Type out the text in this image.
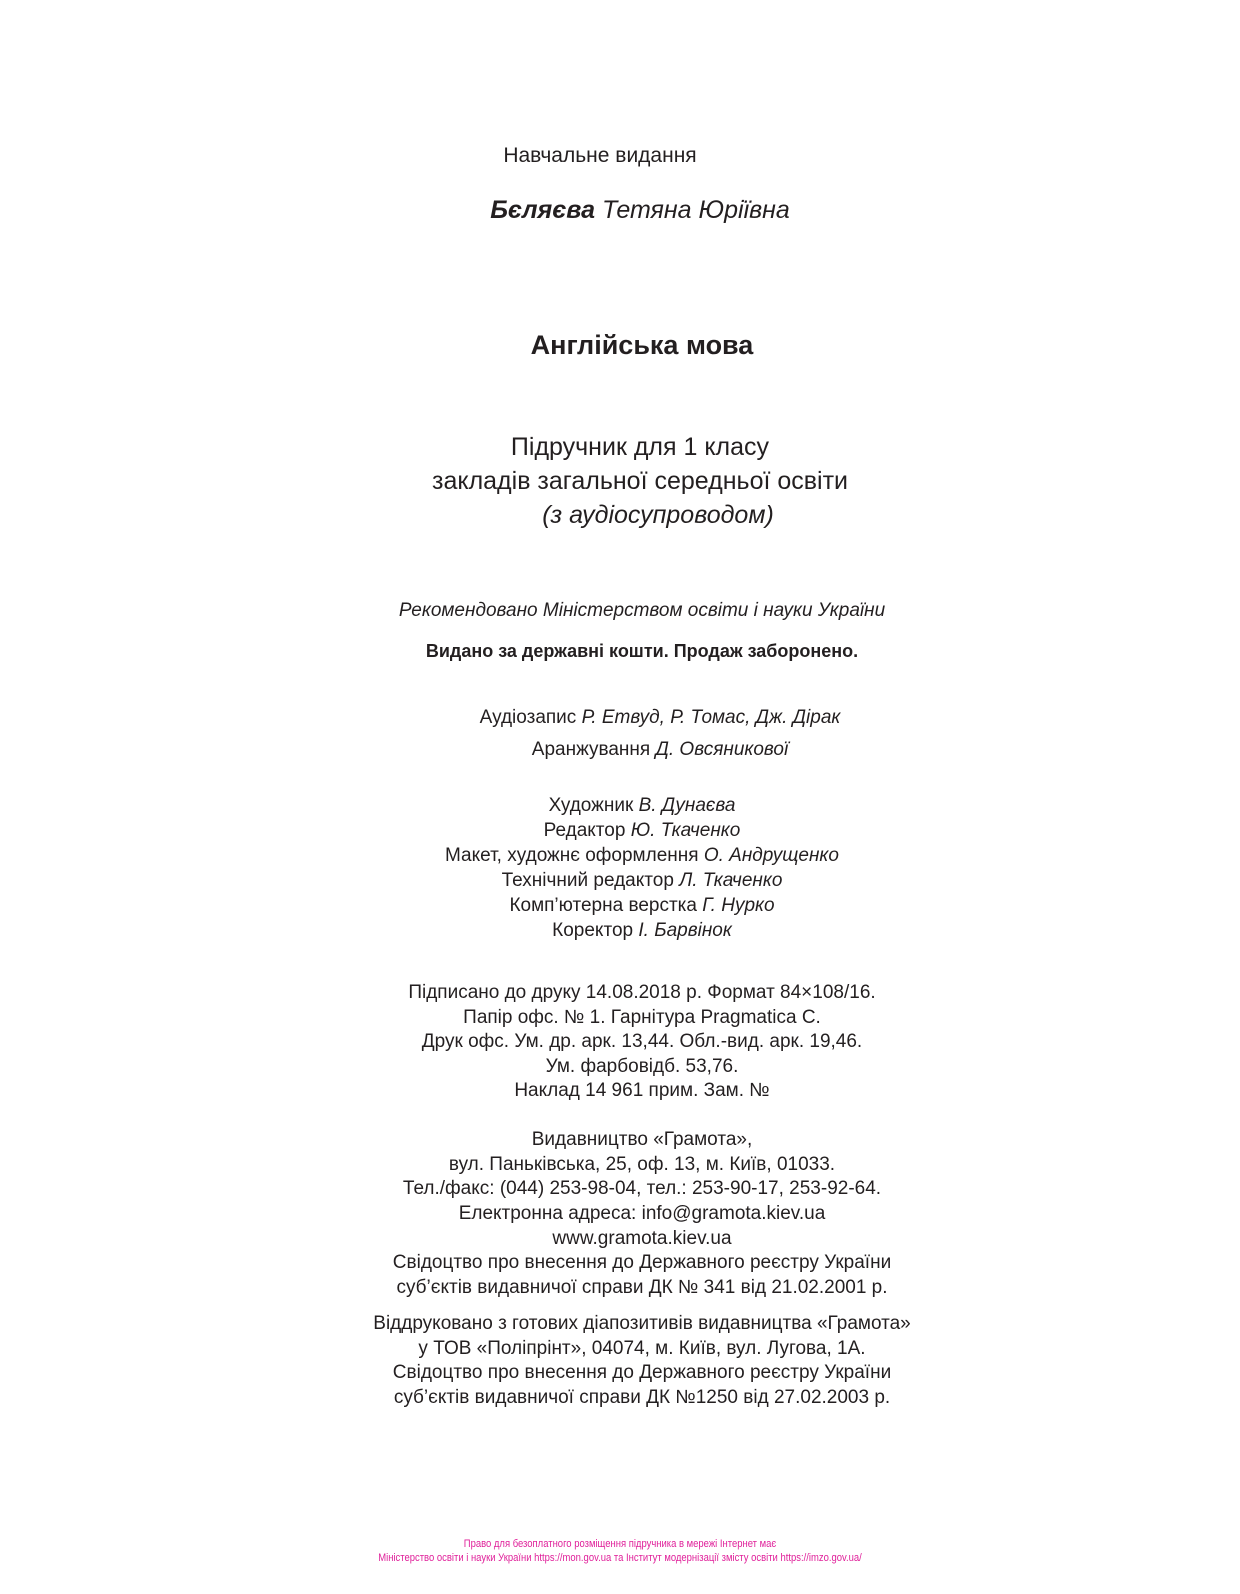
Навчальне видання
Бєляєва Тетяна Юріївна
Англійська мова
Підручник для 1 класу
закладів загальної середньої освіти
(з аудіосупроводом)
Рекомендовано Міністерством освіти і науки України
Видано за державні кошти. Продаж заборонено.
Аудіозапис Р. Етвуд, Р. Томас, Дж. Дірак
Аранжування Д. Овсяникової
Художник В. Дунаєва
Редактор Ю. Ткаченко
Макет, художнє оформлення О. Андрущенко
Технічний редактор Л. Ткаченко
Комп’ютерна верстка Г. Нурко
Коректор І. Барвінок
Підписано до друку 14.08.2018 р. Формат 84×108/16.
Папір офс. № 1. Гарнітура Pragmatica C.
Друк офс. Ум. др. арк. 13,44. Обл.-вид. арк. 19,46.
Ум. фарбовідб. 53,76.
Наклад 14 961 прим. Зам. №
Видавництво «Грамота»,
вул. Паньківська, 25, оф. 13, м. Київ, 01033.
Тел./факс: (044) 253-98-04, тел.: 253-90-17, 253-92-64.
Електронна адреса: info@gramota.kiev.ua
www.gramota.kiev.ua
Свідоцтво про внесення до Державного реєстру України
суб’єктів видавничої справи ДК № 341 від 21.02.2001 р.
Віддруковано з готових діапозитивів видавництва «Грамота»
у ТОВ «Поліпрінт», 04074, м. Київ, вул. Лугова, 1А.
Свідоцтво про внесення до Державного реєстру України
суб’єктів видавничої справи ДК №1250 від 27.02.2003 р.
Право для безоплатного розміщення підручника в мережі Інтернет має
Міністерство освіти і науки України https://mon.gov.ua та Інститут модернізації змісту освіти https://imzo.gov.ua/
